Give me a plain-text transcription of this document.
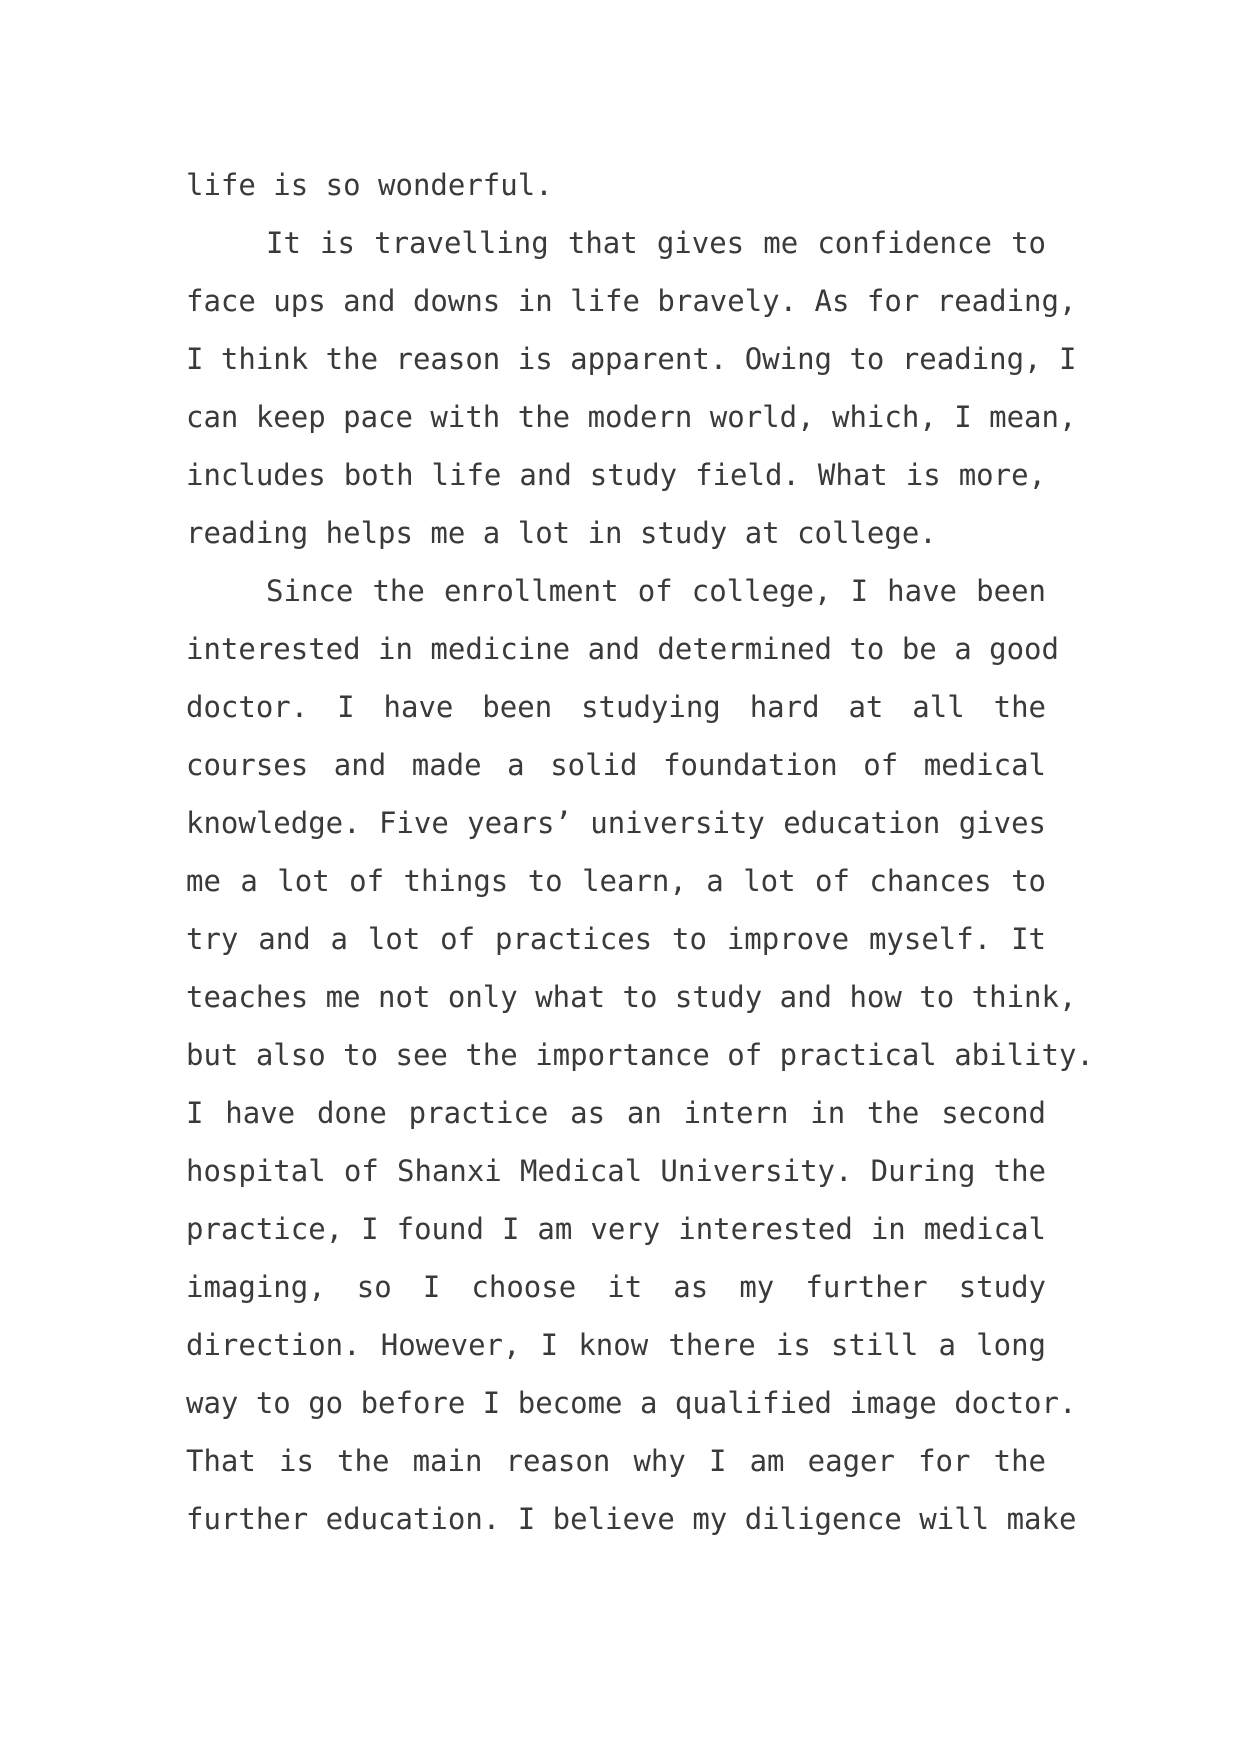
life is so wonderful.
It is travelling that gives me confidence to
face ups and downs in life bravely. As for reading,
I think the reason is apparent. Owing to reading, I
can keep pace with the modern world, which, I mean,
includes both life and study field. What is more,
reading helps me a lot in study at college.
Since the enrollment of college, I have been
interested in medicine and determined to be a good
doctor. I have been studying hard at all the
courses and made a solid foundation of medical
knowledge. Five years’ university education gives
me a lot of things to learn, a lot of chances to
try and a lot of practices to improve myself. It
teaches me not only what to study and how to think,
but also to see the importance of practical ability.
I have done practice as an intern in the second
hospital of Shanxi Medical University. During the
practice, I found I am very interested in medical
imaging, so I choose it as my further study
direction. However, I know there is still a long
way to go before I become a qualified image doctor.
That is the main reason why I am eager for the
further education. I believe my diligence will make
